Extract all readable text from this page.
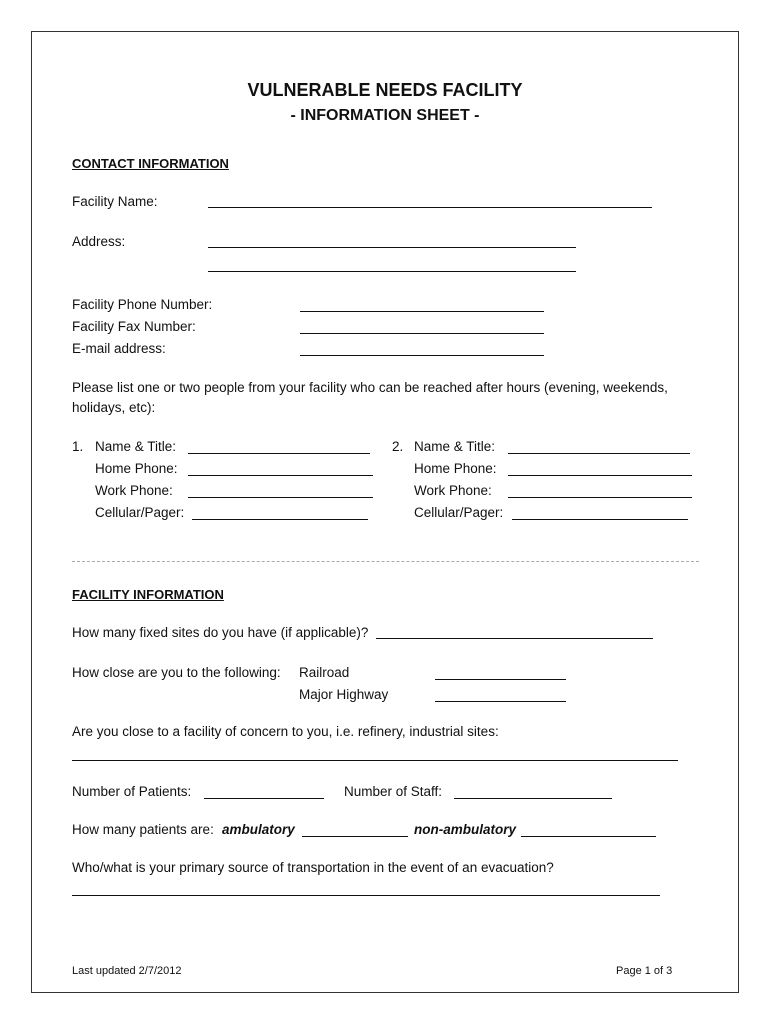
VULNERABLE NEEDS FACILITY
- INFORMATION SHEET -
CONTACT INFORMATION
Facility Name:
Address:
Facility Phone Number:
Facility Fax Number:
E-mail address:
Please list one or two people from your facility who can be reached after hours (evening, weekends,
holidays, etc):
1. Name & Title:
Home Phone:
Work Phone:
Cellular/Pager:
2. Name & Title:
Home Phone:
Work Phone:
Cellular/Pager:
FACILITY INFORMATION
How many fixed sites do you have (if applicable)?
How close are you to the following: Railroad
Major Highway
Are you close to a facility of concern to you, i.e. refinery, industrial sites:
Number of Patients:	Number of Staff:
How many patients are: ambulatory	non-ambulatory
Who/what is your primary source of transportation in the event of an evacuation?
Last updated 2/7/2012	Page 1 of 3
